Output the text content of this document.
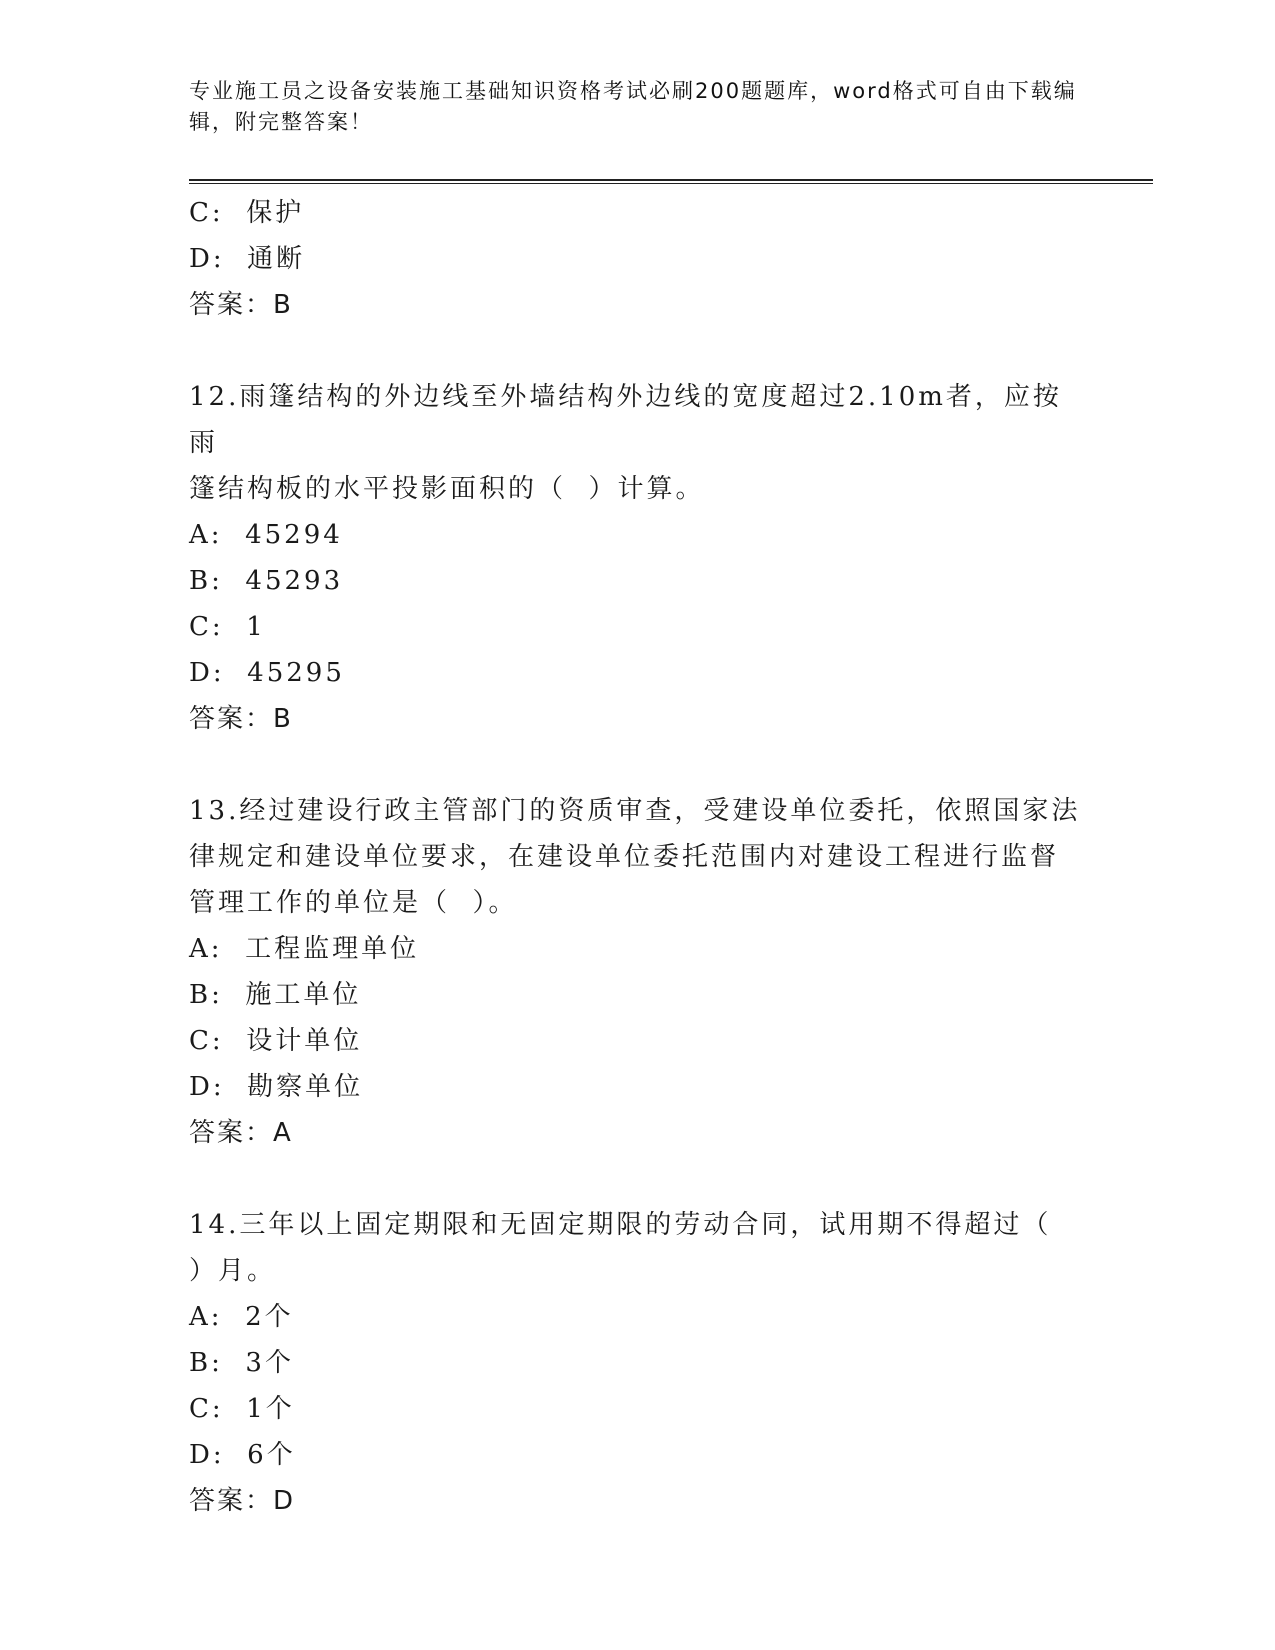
专业施工员之设备安装施工基础知识资格考试必刷200题题库，word格式可自由下载编辑，附完整答案！
C:  保护
D:  通断
答案：B
12.雨篷结构的外边线至外墙结构外边线的宽度超过2.10m者，应按雨
篷结构板的水平投影面积的（  ）计算。
A:  45294
B:  45293
C:  1
D:  45295
答案：B
13.经过建设行政主管部门的资质审查，受建设单位委托，依照国家法
律规定和建设单位要求，在建设单位委托范围内对建设工程进行监督
管理工作的单位是（  ）。
A:  工程监理单位
B:  施工单位
C:  设计单位
D:  勘察单位
答案：A
14.三年以上固定期限和无固定期限的劳动合同，试用期不得超过（
）月。
A:  2个
B:  3个
C:  1个
D:  6个
答案：D
